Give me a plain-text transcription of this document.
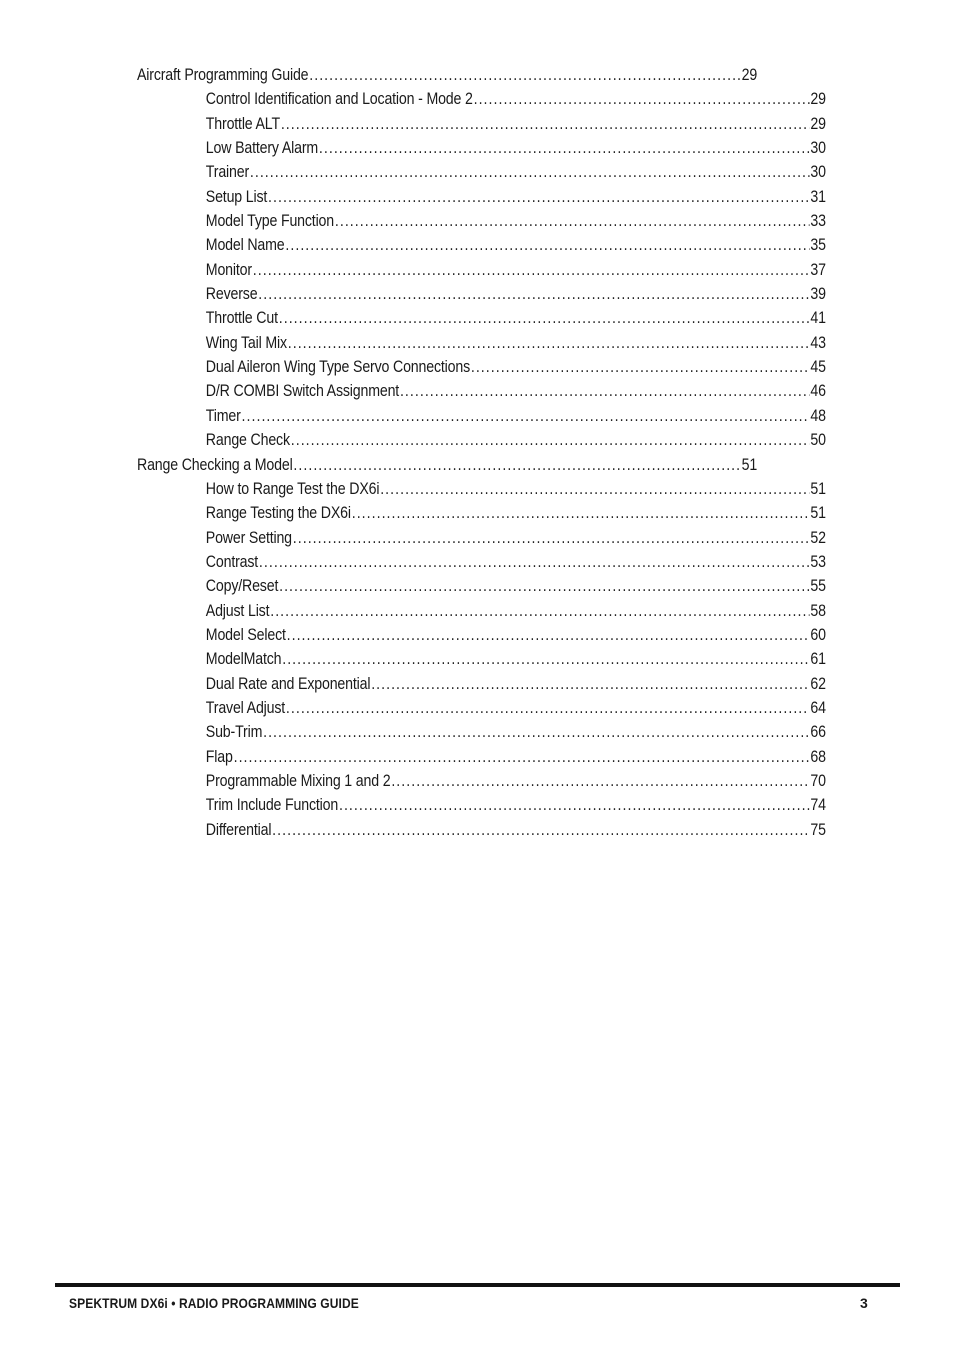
Aircraft Programming Guide .....	29
Control Identification and Location - Mode 2 .....	29
Throttle ALT .....	29
Low Battery Alarm .....	30
Trainer .....	30
Setup List .....	31
Model Type Function .....	33
Model Name .....	35
Monitor .....	37
Reverse .....	39
Throttle Cut .....	41
Wing Tail Mix .....	43
Dual Aileron Wing Type Servo Connections .....	45
D/R COMBI Switch Assignment .....	46
Timer .....	48
Range Check .....	50
Range Checking a Model .....	51
How to Range Test the DX6i .....	51
Range Testing the DX6i .....	51
Power Setting .....	52
Contrast .....	53
Copy/Reset .....	55
Adjust List .....	58
Model Select .....	60
ModelMatch .....	61
Dual Rate and Exponential .....	62
Travel Adjust .....	64
Sub-Trim .....	66
Flap .....	68
Programmable Mixing 1 and 2 .....	70
Trim Include Function .....	74
Differential .....	75
SPEKTRUM DX6i • RADIO PROGRAMMING GUIDE	3
